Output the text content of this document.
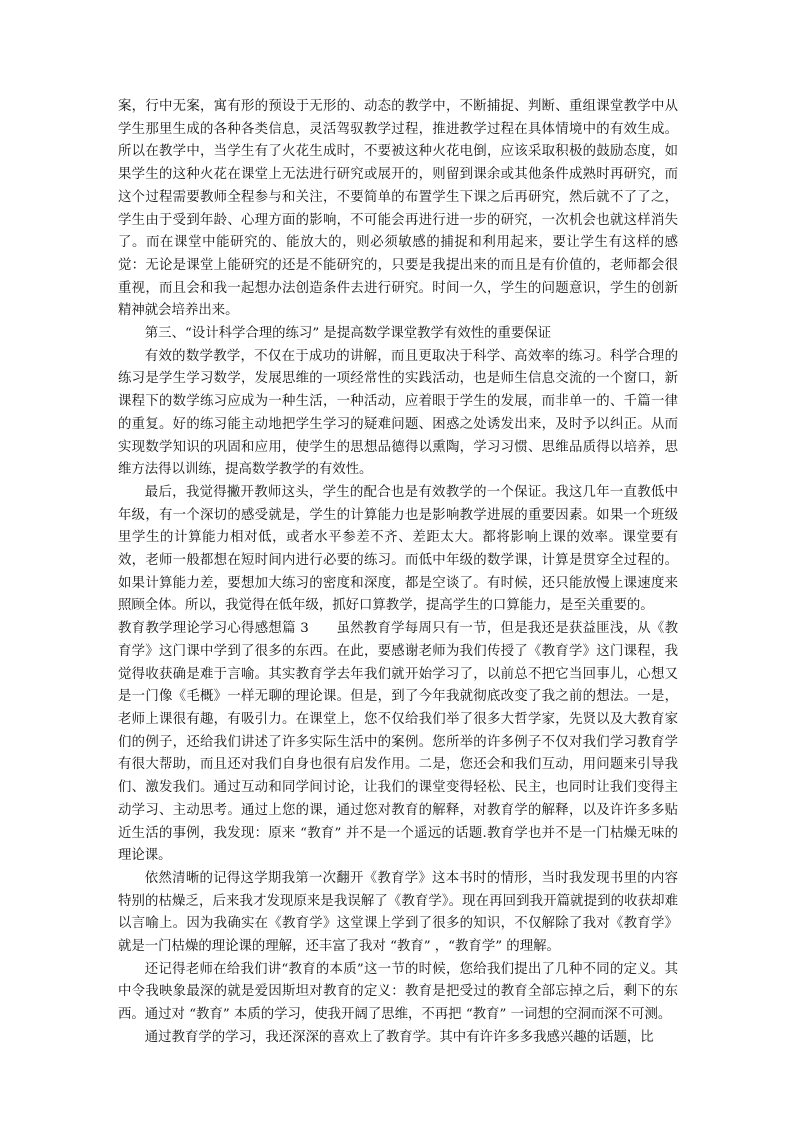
案，行中无案，寓有形的预设于无形的、动态的教学中，不断捕捉、判断、重组课堂教学中从学生那里生成的各种各类信息，灵活驾驭教学过程，推进教学过程在具体情境中的有效生成。所以在教学中，当学生有了火花生成时，不要被这种火花电倒，应该采取积极的鼓励态度，如果学生的这种火花在课堂上无法进行研究或展开的，则留到课余或其他条件成熟时再研究，而这个过程需要教师全程参与和关注，不要简单的布置学生下课之后再研究，然后就不了了之，学生由于受到年龄、心理方面的影响，不可能会再进行进一步的研究，一次机会也就这样消失了。而在课堂中能研究的、能放大的，则必须敏感的捕捉和利用起来，要让学生有这样的感觉：无论是课堂上能研究的还是不能研究的，只要是我提出来的而且是有价值的，老师都会很重视，而且会和我一起想办法创造条件去进行研究。时间一久，学生的问题意识，学生的创新精神就会培养出来。

第三、“设计科学合理的练习” 是提高数学课堂教学有效性的重要保证

有效的数学教学，不仅在于成功的讲解，而且更取决于科学、高效率的练习。科学合理的练习是学生学习数学，发展思维的一项经常性的实践活动，也是师生信息交流的一个窗口，新课程下的数学练习应成为一种生活，一种活动，应着眼于学生的发展，而非单一的、千篇一律的重复。好的练习能主动地把学生学习的疑难问题、困惑之处诱发出来，及时予以纠正。从而实现数学知识的巩固和应用，使学生的思想品德得以熏陶，学习习惯、思维品质得以培养，思维方法得以训练，提高数学教学的有效性。

最后，我觉得撇开教师这头，学生的配合也是有效教学的一个保证。我这几年一直教低中年级，有一个深切的感受就是，学生的计算能力也是影响教学进展的重要因素。如果一个班级里学生的计算能力相对低，或者水平参差不齐、差距太大。都将影响上课的效率。课堂要有效，老师一般都想在短时间内进行必要的练习。而低中年级的数学课，计算是贯穿全过程的。如果计算能力差，要想加大练习的密度和深度，都是空谈了。有时候，还只能放慢上课速度来照顾全体。所以，我觉得在低年级，抓好口算教学，提高学生的口算能力，是至关重要的。

教育教学理论学习心得感想篇 3　　虽然教育学每周只有一节，但是我还是获益匪浅，从《教育学》这门课中学到了很多的东西。在此，要感谢老师为我们传授了《教育学》这门课程，我觉得收获确是难于言喻。其实教育学去年我们就开始学习了，以前总不把它当回事儿，心想又是一门像《毛概》一样无聊的理论课。但是，到了今年我就彻底改变了我之前的想法。一是，老师上课很有趣，有吸引力。在课堂上，您不仅给我们举了很多大哲学家，先贤以及大教育家们的例子，还给我们讲述了许多实际生活中的案例。您所举的许多例子不仅对我们学习教育学有很大帮助，而且还对我们自身也很有启发作用。二是，您还会和我们互动，用问题来引导我们、激发我们。通过互动和同学间讨论，让我们的课堂变得轻松、民主，也同时让我们变得主动学习、主动思考。通过上您的课，通过您对教育的解释，对教育学的解释，以及许许多多贴近生活的事例，我发现：原来 “教育” 并不是一个遥远的话题.教育学也并不是一门枯燥无味的理论课。

依然清晰的记得这学期我第一次翻开《教育学》这本书时的情形，当时我发现书里的内容特别的枯燥乏，后来我才发现原来是我误解了《教育学》。现在再回到我开篇就提到的收获却难以言喻上。因为我确实在《教育学》这堂课上学到了很多的知识，不仅解除了我对《教育学》就是一门枯燥的理论课的理解，还丰富了我对 “教育” ，“教育学” 的理解。

还记得老师在给我们讲“教育的本质”这一节的时候，您给我们提出了几种不同的定义。其中令我映象最深的就是爱因斯坦对教育的定义：教育是把受过的教育全部忘掉之后，剩下的东西。通过对 “教育” 本质的学习，使我开阔了思维，不再把 “教育” 一词想的空洞而深不可测。

通过教育学的学习，我还深深的喜欢上了教育学。其中有许许多多我感兴趣的话题，比
